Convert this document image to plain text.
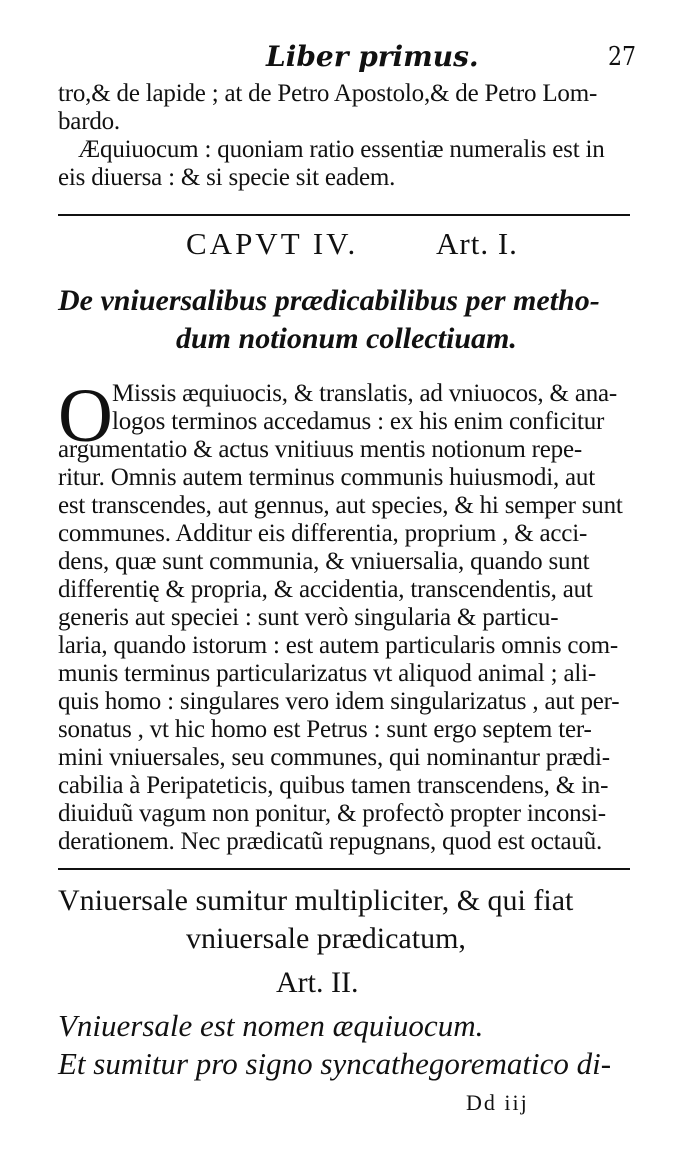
Liber primus.	27
tro,& de lapide ; at de Petro Apostolo,& de Petro Lom-
bardo.
Æquiuocum : quoniam ratio essentiæ numeralis est in
eis diuersa : & si specie sit eadem.
CAPVT IV.	Art. I.
De vniuersalibus prædicabilibus per metho-
dum notionum collectiuam.
O Missis æquiuocis, & translatis, ad vniuocos, & ana-
logos terminos accedamus : ex his enim conficitur
argumentatio & actus vnitiuus mentis notionum repe-
ritur. Omnis autem terminus communis huiusmodi, aut
est transcendes, aut gennus, aut species, & hi semper sunt
communes. Additur eis differentia, proprium , & acci-
dens, quæ sunt communia, & vniuersalia, quando sunt
differentię & propria, & accidentia, transcendentis, aut
generis aut speciei : sunt verò singularia & particu-
laria, quando istorum : est autem particularis omnis com-
munis terminus particularizatus vt aliquod animal ; ali-
quis homo : singulares vero idem singularizatus , aut per-
sonatus , vt hic homo est Petrus : sunt ergo septem ter-
mini vniuersales, seu communes, qui nominantur prædi-
cabilia à Peripateticis, quibus tamen transcendens, & in-
diuiduũ vagum non ponitur, & profectò propter inconsi-
derationem. Nec prædicatũ repugnans, quod est octauũ.
Vniuersale sumitur multipliciter, & qui fiat
vniuersale prædicatum,
Art. II.
Vniuersale est nomen æquiuocum.
Et sumitur pro signo syncathegorematico di-
Dd iij
